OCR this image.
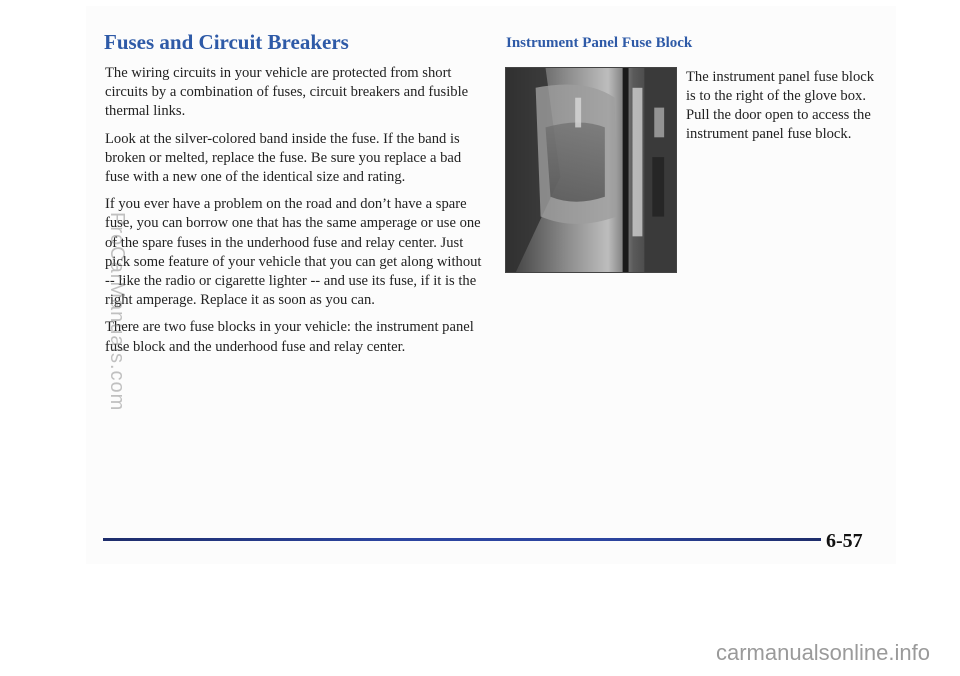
Fuses and Circuit Breakers	Instrument Panel Fuse Block

The wiring circuits in your vehicle are protected from short circuits by a combination of fuses, circuit breakers and fusible thermal links.

Look at the silver-colored band inside the fuse. If the band is broken or melted, replace the fuse. Be sure you replace a bad fuse with a new one of the identical size and rating.

If you ever have a problem on the road and don’t have a spare fuse, you can borrow one that has the same amperage or use one of the spare fuses in the underhood fuse and relay center. Just pick some feature of your vehicle that you can get along without -- like the radio or cigarette lighter -- and use its fuse, if it is the right amperage. Replace it as soon as you can.

There are two fuse blocks in your vehicle: the instrument panel fuse block and the underhood fuse and relay center.

The instrument panel fuse block is to the right of the glove box. Pull the door open to access the instrument panel fuse block.

6-57

ProCarManuals.com

carmanualsonline.info
